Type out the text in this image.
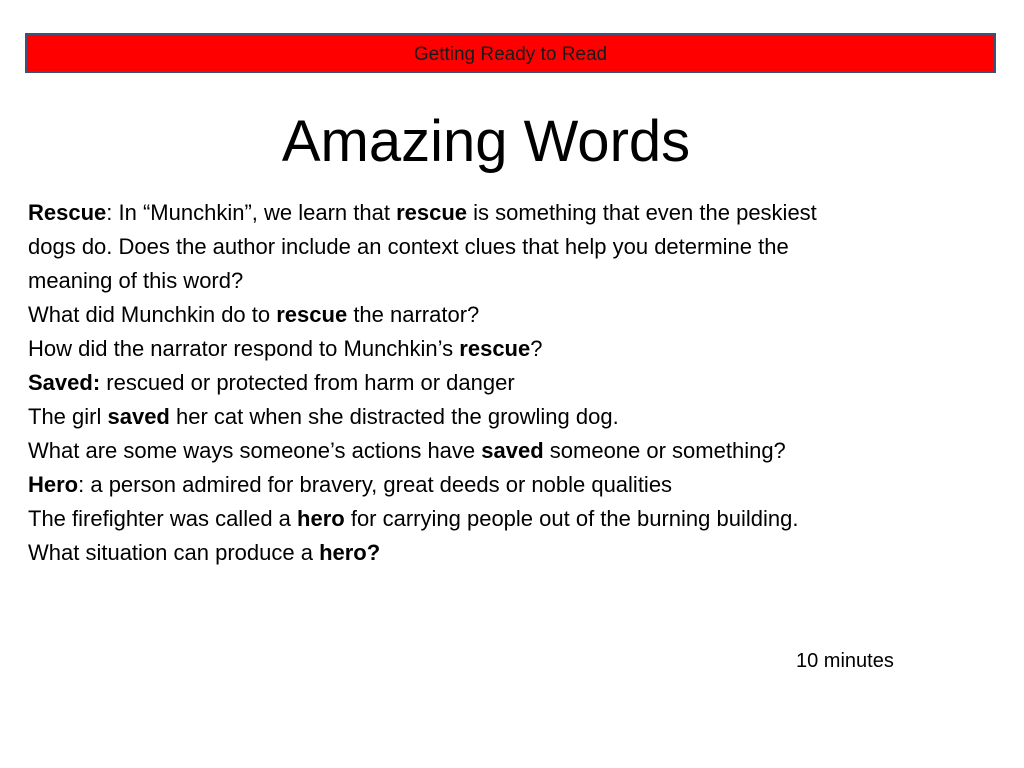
Getting Ready to Read
Amazing Words

Rescue: In “Munchkin”, we learn that rescue is something that even the peskiest

dogs do. Does the author include an context clues that help you determine the

meaning of this word?

What did Munchkin do to rescue the narrator?

How did the narrator respond to Munchkin’s rescue?

Saved: rescued or protected from harm or danger

The girl saved her cat when she distracted the growling dog.

What are some ways someone’s actions have saved someone or something?

Hero: a person admired for bravery, great deeds or noble qualities

The firefighter was called a hero for carrying people out of the burning building.

What situation can produce a hero?

10 minutes
